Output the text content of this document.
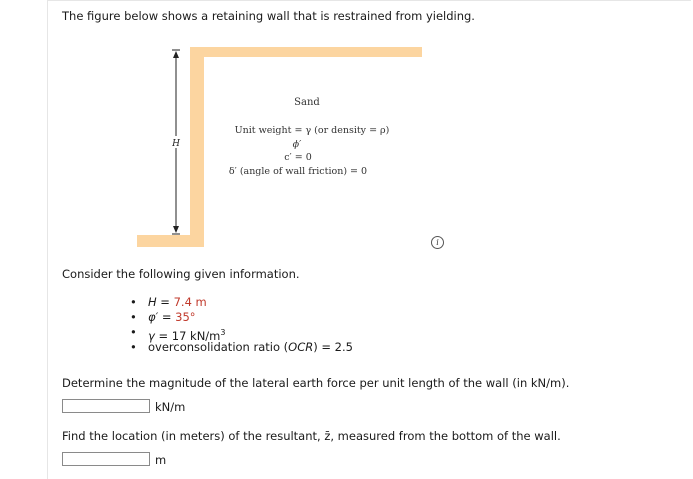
The figure below shows a retaining wall that is restrained from yielding.
H
Sand
Unit weight = γ (or density = ρ)
ϕ′
c′ = 0
δ′ (angle of wall friction) = 0
i
Consider the following given information.
• H = 7.4 m
• φ′ = 35°
• γ = 17 $kN/m^3$
• overconsolidation ratio (OCR) = 2.5
Determine the magnitude of the lateral earth force per unit length of the wall (in kN/m).
kN/m
Find the location (in meters) of the resultant, z̄, measured from the bottom of the wall.
m
